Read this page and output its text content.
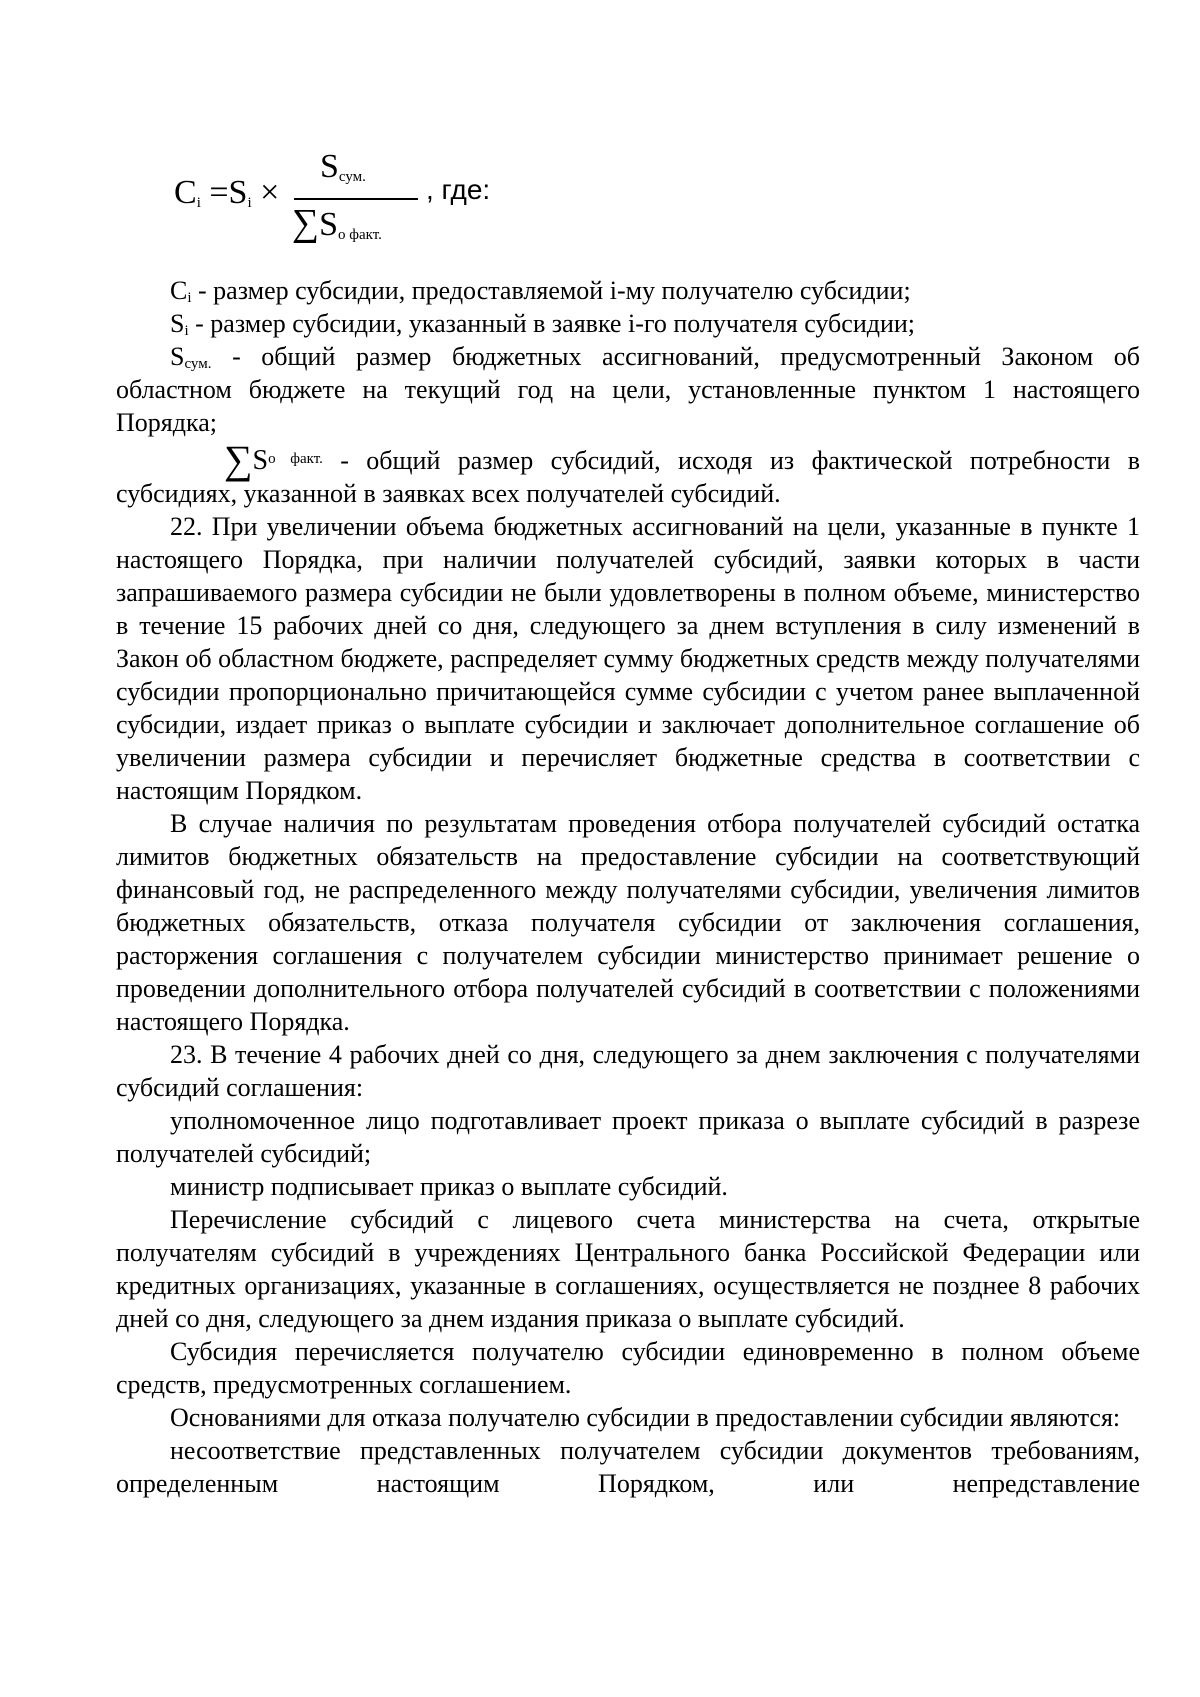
$C_i =S_i$ ×
$S_{сум.}$
$\sum S_{о факт.}$
, где:

$C_i$ - размер субсидии, предоставляемой i-му получателю субсидии;

$S_i$ - размер субсидии, указанный в заявке i-го получателя субсидии;

$S_{сум.}$ - общий размер бюджетных ассигнований, предусмотренный Законом об областном бюджете на текущий год на цели, установленные пунктом 1 настоящего Порядка;

$\sum S^{о факт.}$ - общий размер субсидий, исходя из фактической потребности в субсидиях, указанной в заявках всех получателей субсидий.

22. При увеличении объема бюджетных ассигнований на цели, указанные в пункте 1 настоящего Порядка, при наличии получателей субсидий, заявки которых в части запрашиваемого размера субсидии не были удовлетворены в полном объеме, министерство в течение 15 рабочих дней со дня, следующего за днем вступления в силу изменений в Закон об областном бюджете, распределяет сумму бюджетных средств между получателями субсидии пропорционально причитающейся сумме субсидии с учетом ранее выплаченной субсидии, издает приказ о выплате субсидии и заключает дополнительное соглашение об увеличении размера субсидии и перечисляет бюджетные средства в соответствии с настоящим Порядком.

В случае наличия по результатам проведения отбора получателей субсидий остатка лимитов бюджетных обязательств на предоставление субсидии на соответствующий финансовый год, не распределенного между получателями субсидии, увеличения лимитов бюджетных обязательств, отказа получателя субсидии от заключения соглашения, расторжения соглашения с получателем субсидии министерство принимает решение о проведении дополнительного отбора получателей субсидий в соответствии с положениями настоящего Порядка.

23. В течение 4 рабочих дней со дня, следующего за днем заключения с получателями субсидий соглашения:

уполномоченное лицо подготавливает проект приказа о выплате субсидий в разрезе получателей субсидий;

министр подписывает приказ о выплате субсидий.

Перечисление субсидий с лицевого счета министерства на счета, открытые получателям субсидий в учреждениях Центрального банка Российской Федерации или кредитных организациях, указанные в соглашениях, осуществляется не позднее 8 рабочих дней со дня, следующего за днем издания приказа о выплате субсидий.

Субсидия перечисляется получателю субсидии единовременно в полном объеме средств, предусмотренных соглашением.

Основаниями для отказа получателю субсидии в предоставлении субсидии являются:

несоответствие представленных получателем субсидии документов требованиям, определенным настоящим Порядком, или непредставление
